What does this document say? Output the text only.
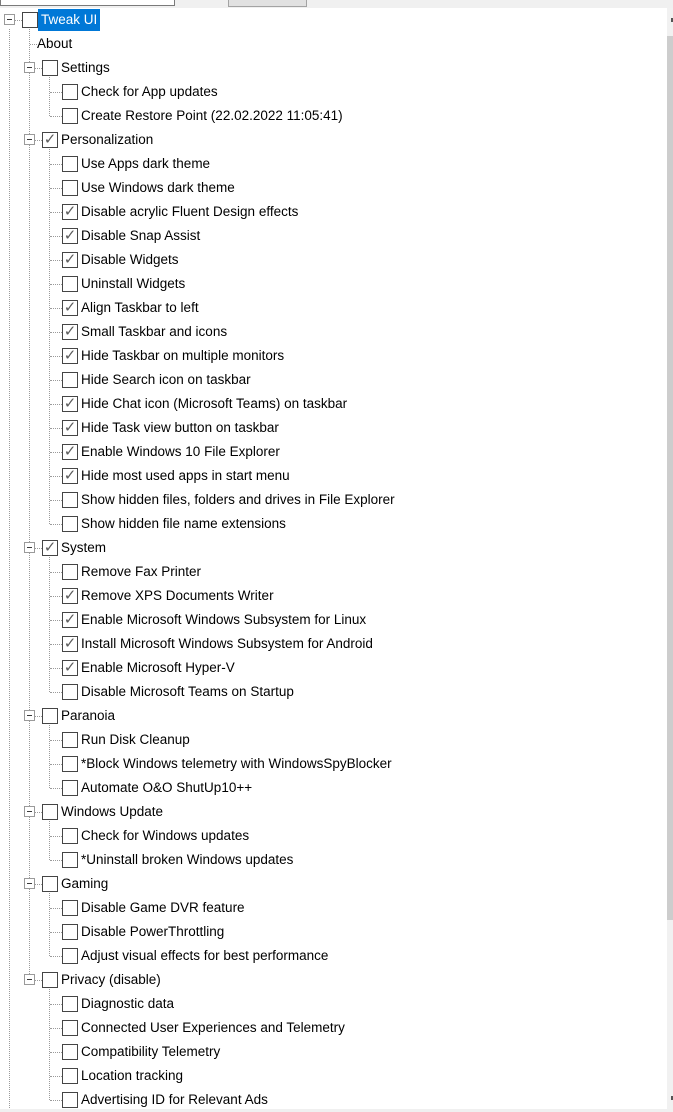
Tweak UI
About
Settings
Check for App updates
Create Restore Point (22.02.2022 11:05:41)
✓ Personalization
Use Apps dark theme
Use Windows dark theme
✓ Disable acrylic Fluent Design effects
✓ Disable Snap Assist
✓ Disable Widgets
Uninstall Widgets
✓ Align Taskbar to left
✓ Small Taskbar and icons
✓ Hide Taskbar on multiple monitors
Hide Search icon on taskbar
✓ Hide Chat icon (Microsoft Teams) on taskbar
✓ Hide Task view button on taskbar
✓ Enable Windows 10 File Explorer
✓ Hide most used apps in start menu
Show hidden files, folders and drives in File Explorer
Show hidden file name extensions
✓ System
Remove Fax Printer
✓ Remove XPS Documents Writer
✓ Enable Microsoft Windows Subsystem for Linux
✓ Install Microsoft Windows Subsystem for Android
✓ Enable Microsoft Hyper-V
Disable Microsoft Teams on Startup
Paranoia
Run Disk Cleanup
*Block Windows telemetry with WindowsSpyBlocker
Automate O&O ShutUp10++
Windows Update
Check for Windows updates
*Uninstall broken Windows updates
Gaming
Disable Game DVR feature
Disable PowerThrottling
Adjust visual effects for best performance
Privacy (disable)
Diagnostic data
Connected User Experiences and Telemetry
Compatibility Telemetry
Location tracking
Advertising ID for Relevant Ads
